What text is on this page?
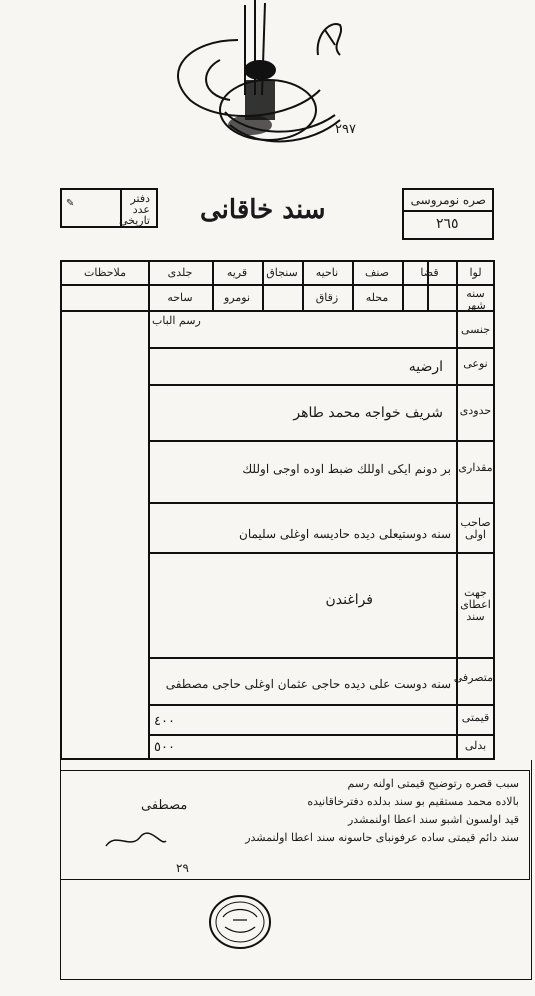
٢٩٧
دفتر
عدد
تاریخی
✎	سند خاقانی	صره نومروسی
٢٦٥
لوا
قضا
صنف
ناحیه
سنجاق
قریه
جلدی
ملاحظات
سنه شهر
محله
زقاق
نومرو
ساحه
جنسی
نوعی
حدودی
مقداری
صاحب اولی
جهت اعطای سند
متصرفی
قیمتی
بدلی
رسم الباب
ارضیه
شریف خواجه محمد طاهر
بر دونم ایکی اوللك ضبط اوده اوجی اوللك
سنه دوستیعلی دیده حادیسه اوغلی سلیمان
فراغندن
سنه دوست علی دیده حاجی عثمان اوغلی حاجی مصطفی
٤٠٠
٥٠٠
سبب قصره رتوضیح قیمتی اولنه رسم
بالاده محمد مستقیم بو سند بدلده دفترخاقانیده
قید اولسون اشبو سند اعطا اولنمشدر
سند دائم قیمتی ساده عرفونبای حاسونه سند اعطا اولنمشدر
مصطفی
٢٩
